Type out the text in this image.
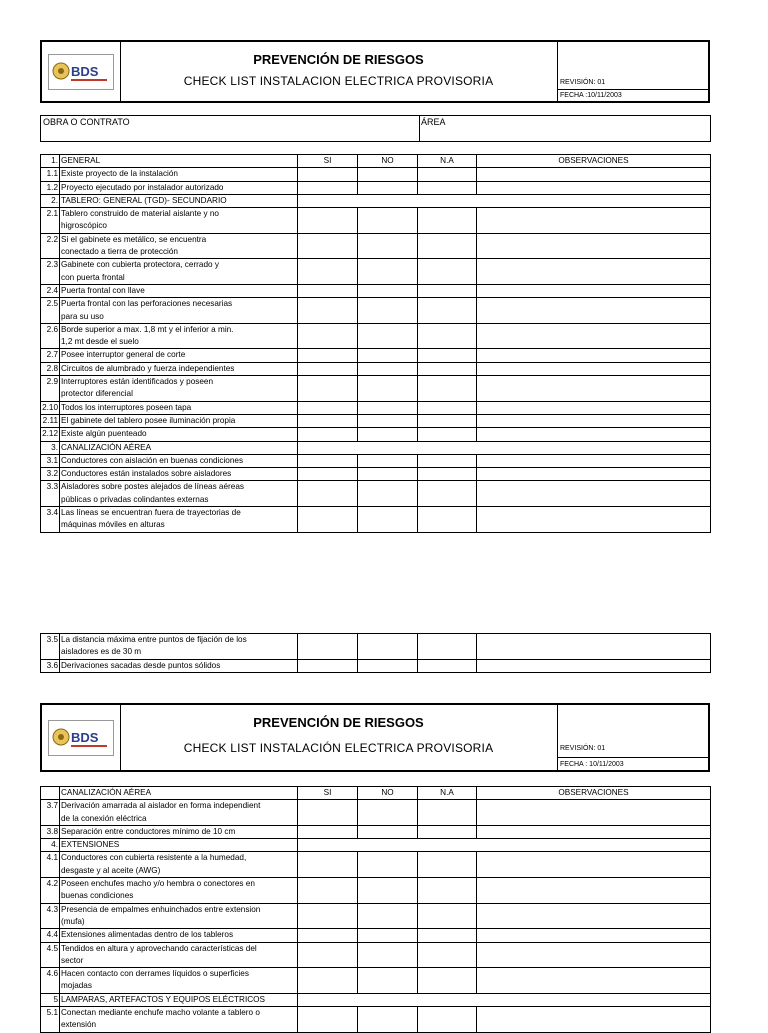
BDS
PREVENCIÓN DE RIESGOS
CHECK LIST INSTALACION ELECTRICA PROVISORIA	REVISIÓN: 01
FECHA :10/11/2003
OBRA O CONTRATO	ÁREA
1.	GENERAL	SI	NO	N.A	OBSERVACIONES
1.1	Existe proyecto de la instalación				
1.2	Proyecto ejecutado por instalador autorizado				
2.	TABLERO: GENERAL (TGD)- SECUNDARIO				
2.1	Tablero construido de material aislante y no
higroscópico				
2.2	Si el gabinete es metálico, se encuentra
conectado a tierra de protección				
2.3	Gabinete con cubierta protectora, cerrado y
con puerta frontal				
2.4	Puerta frontal con llave				
2.5	Puerta frontal con las perforaciones necesarias
para su uso				
2.6	Borde superior a max. 1,8 mt y el inferior a min.
1,2 mt desde el suelo				
2.7	Posee interruptor general de corte				
2.8	Circuitos de alumbrado y fuerza independientes				
2.9	Interruptores están identificados y poseen
protector diferencial				
2.10	Todos los interruptores poseen tapa				
2.11	El gabinete del tablero posee iluminación propia				
2.12	Existe algún puenteado				
3.	CANALIZACIÓN AÉREA				
3.1	Conductores con aislación en buenas condiciones				
3.2	Conductores están instalados sobre aisladores				
3.3	Aisladores sobre postes alejados de líneas aéreas
públicas o privadas colindantes externas				
3.4	Las líneas se encuentran fuera de trayectorias de
máquinas móviles en alturas				
3.5	La distancia máxima entre puntos de fijación de los
aisladores es de 30 m				
3.6	Derivaciones sacadas desde puntos sólidos				
BDS
PREVENCIÓN DE RIESGOS
CHECK LIST INSTALACIÓN ELECTRICA PROVISORIA	REVISIÓN: 01
FECHA : 10/11/2003
	CANALIZACIÓN AÉREA	SI	NO	N.A	OBSERVACIONES
3.7	Derivación amarrada al aislador en forma independient
de la conexión eléctrica				
3.8	Separación entre conductores mínimo de 10 cm				
4.	EXTENSIONES				
4.1	Conductores con cubierta resistente a la humedad,
desgaste y al aceite (AWG)				
4.2	Poseen enchufes macho y/o hembra o conectores en
buenas condiciones				
4.3	Presencia de empalmes enhuinchados entre extension
(mufa)				
4.4	Extensiones alimentadas dentro de los tableros				
4.5	Tendidos en altura y aprovechando características del
sector				
4.6	Hacen contacto con derrames líquidos o superficies
mojadas				
5	LAMPARAS, ARTEFACTOS Y EQUIPOS ELÉCTRICOS				
5.1	Conectan mediante enchufe macho volante a tablero o
extensión				
